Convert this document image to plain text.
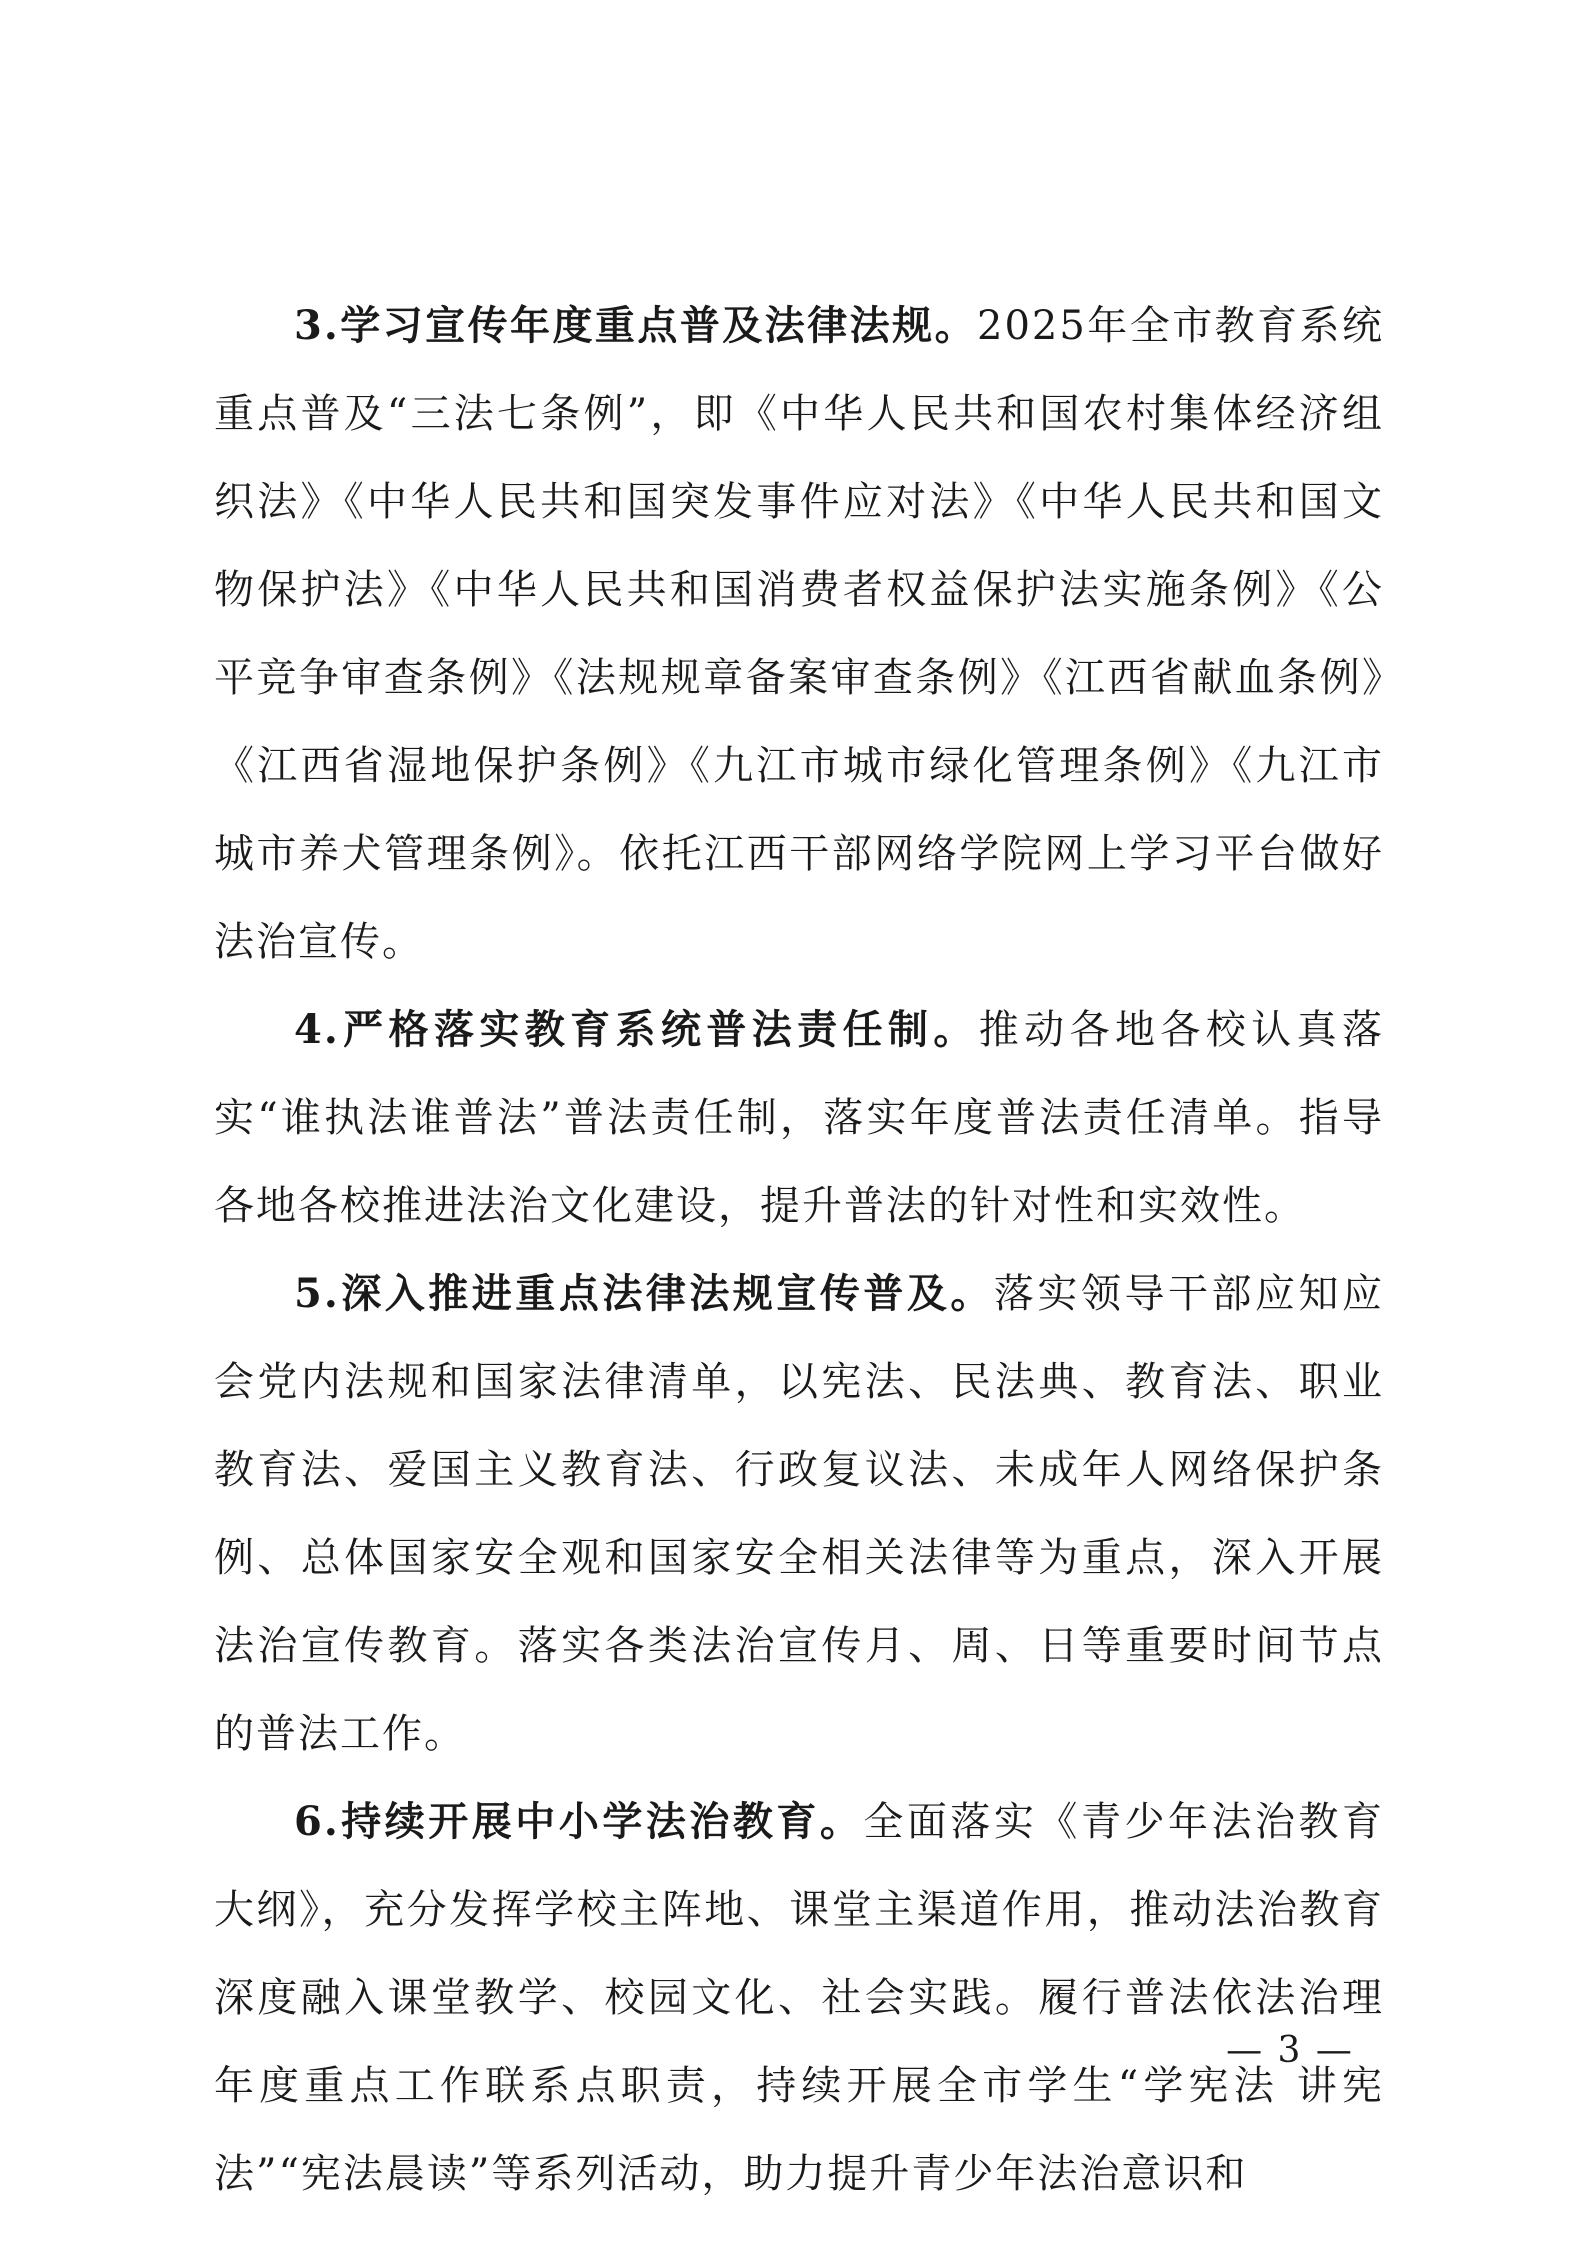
3.学习宣传年度重点普及法律法规。2025年全市教育系统重点普及“三法七条例”，即《中华人民共和国农村集体经济组织法》《中华人民共和国突发事件应对法》《中华人民共和国文物保护法》《中华人民共和国消费者权益保护法实施条例》《公平竞争审查条例》《法规规章备案审查条例》《江西省献血条例》《江西省湿地保护条例》《九江市城市绿化管理条例》《九江市城市养犬管理条例》。依托江西干部网络学院网上学习平台做好法治宣传。

4.严格落实教育系统普法责任制。推动各地各校认真落实“谁执法谁普法”普法责任制，落实年度普法责任清单。指导各地各校推进法治文化建设，提升普法的针对性和实效性。

5.深入推进重点法律法规宣传普及。落实领导干部应知应会党内法规和国家法律清单，以宪法、民法典、教育法、职业教育法、爱国主义教育法、行政复议法、未成年人网络保护条例、总体国家安全观和国家安全相关法律等为重点，深入开展法治宣传教育。落实各类法治宣传月、周、日等重要时间节点的普法工作。

6.持续开展中小学法治教育。全面落实《青少年法治教育大纲》，充分发挥学校主阵地、课堂主渠道作用，推动法治教育深度融入课堂教学、校园文化、社会实践。履行普法依法治理年度重点工作联系点职责，持续开展全市学生“学宪法 讲宪法”“宪法晨读”等系列活动，助力提升青少年法治意识和

— 3 —
